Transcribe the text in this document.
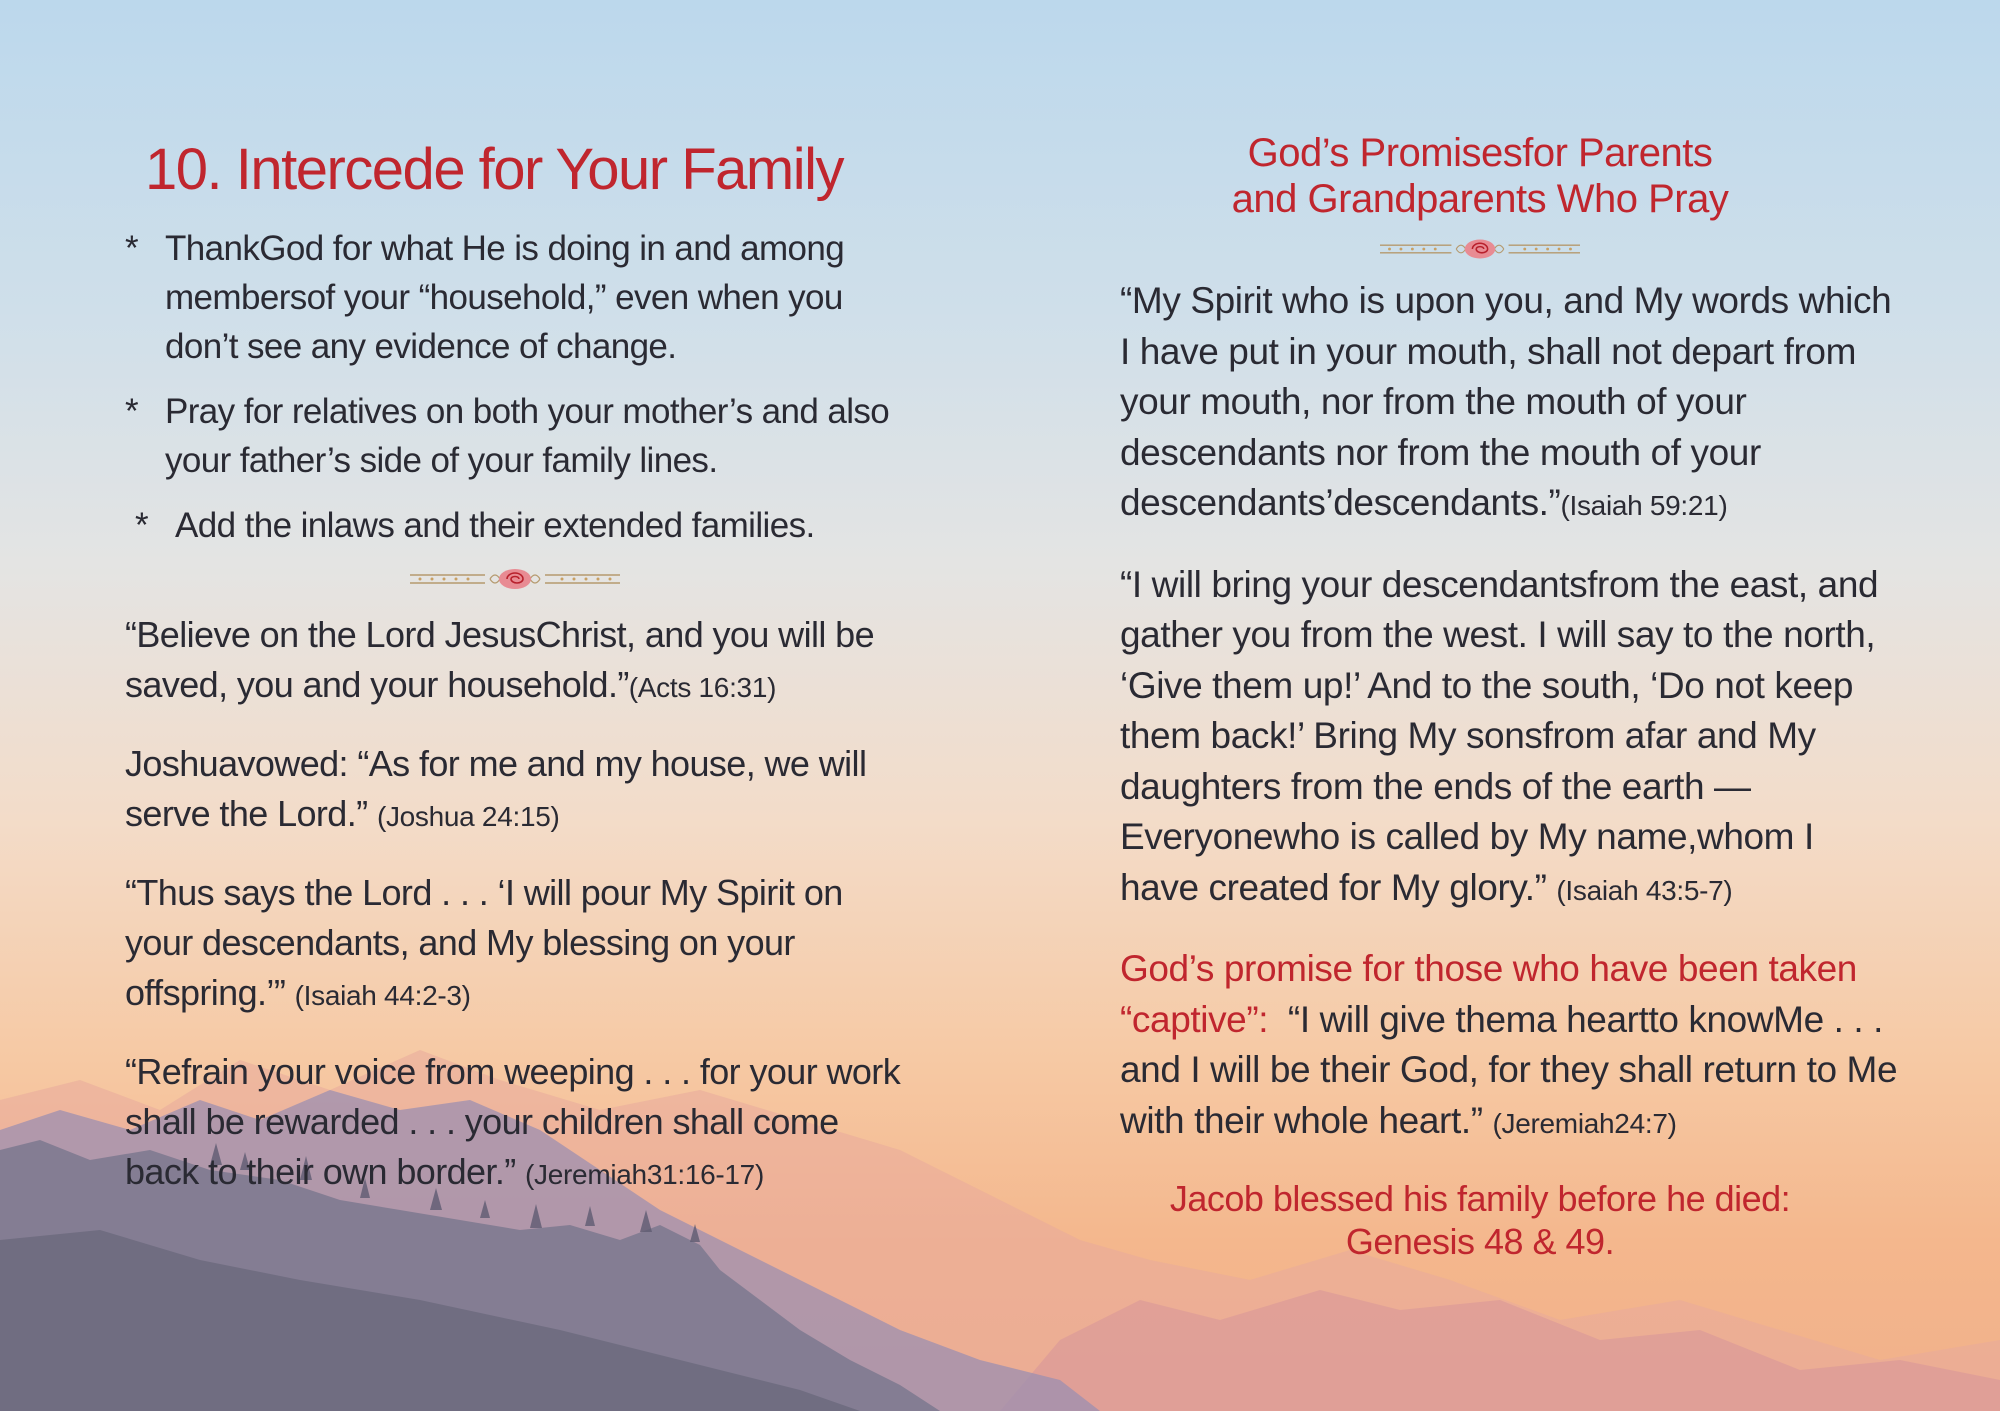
10. Intercede for Your Family
* ThankGod for what He is doing in and among membersof your “household,” even when you don’t see any evidence of change.
* Pray for relatives on both your mother’s and also your father’s side of your family lines.
* Add the inlaws and their extended families.

“Believe on the Lord JesusChrist, and you will be saved, you and your household.”(Acts 16:31)

Joshuavowed: “As for me and my house, we will serve the Lord.” (Joshua 24:15)

“Thus says the Lord . . . ‘I will pour My Spirit on your descendants, and My blessing on your offspring.’” (Isaiah 44:2-3)

“Refrain your voice from weeping . . . for your work shall be rewarded . . . your children shall come back to their own border.” (Jeremiah31:16-17)

God’s Promisesfor Parents
and Grandparents Who Pray

“My Spirit who is upon you, and My words which I have put in your mouth, shall not depart from your mouth, nor from the mouth of your descendants nor from the mouth of your descendants’descendants.”(Isaiah 59:21)

“I will bring your descendantsfrom the east, and gather you from the west. I will say to the north, ‘Give them up!’ And to the south, ‘Do not keep them back!’ Bring My sonsfrom afar and My daughters from the ends of the earth —Everyonewho is called by My name,whom I have created for My glory.” (Isaiah 43:5-7)

God’s promise for those who have been taken “captive”: “I will give thema heartto knowMe . . . and I will be their God, for they shall return to Me with their whole heart.” (Jeremiah24:7)

Jacob blessed his family before he died:
Genesis 48 & 49.
